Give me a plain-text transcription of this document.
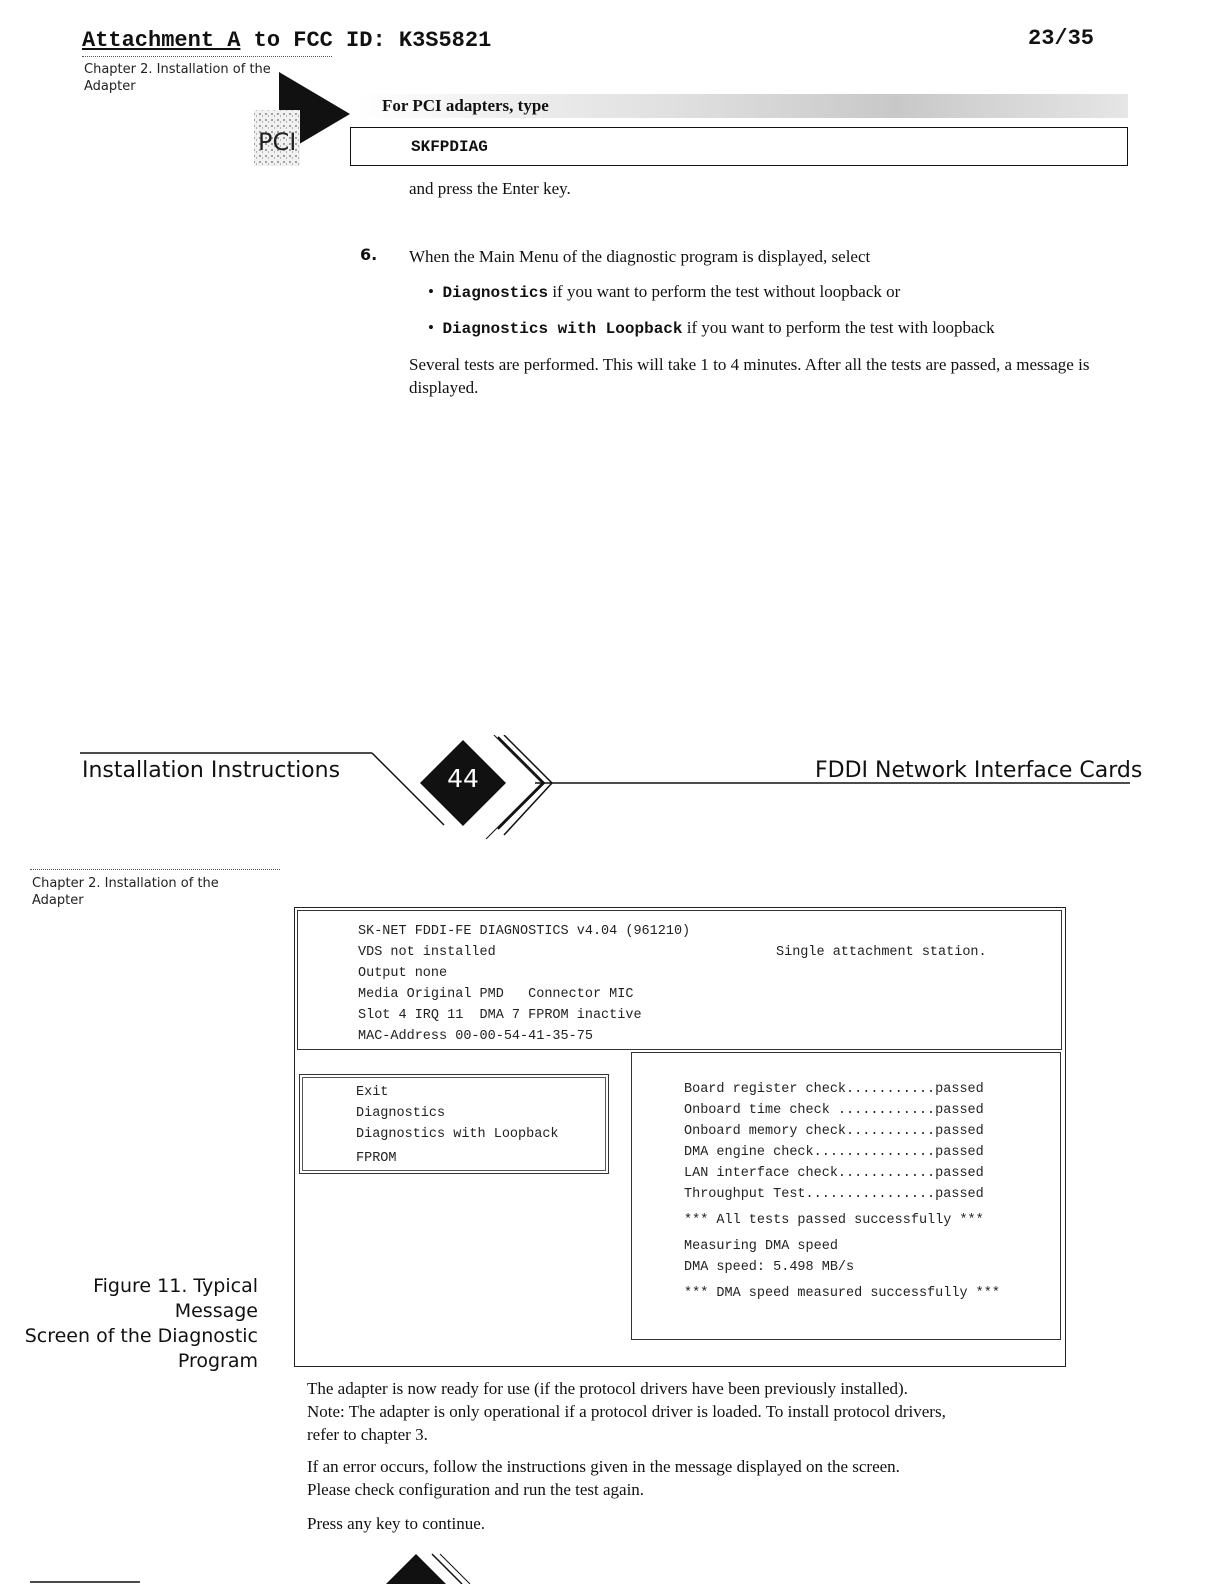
Attachment A to FCC ID: K3S5821	23/35
Chapter 2. Installation of the
Adapter
PCI
For PCI adapters, type
SKFPDIAG
and press the Enter key.
6. When the Main Menu of the diagnostic program is displayed, select
•  Diagnostics if you want to perform the test without loopback or
•  Diagnostics with Loopback if you want to perform the test with loopback
Several tests are performed. This will take 1 to 4 minutes. After all the tests are passed, a message is displayed.
Installation Instructions	44	FDDI Network Interface Cards
Chapter 2. Installation of the
Adapter
SK-NET FDDI-FE DIAGNOSTICS v4.04 (961210)
VDS not installed
Output none
Media Original PMD   Connector MIC
Slot 4 IRQ 11  DMA 7 FPROM inactive
MAC-Address 00-00-54-41-35-75
Single attachment station.
Exit
Diagnostics
Diagnostics with Loopback
FPROM
Board register check...........passed
Onboard time check ............passed
Onboard memory check...........passed
DMA engine check...............passed
LAN interface check............passed
Throughput Test................passed
*** All tests passed successfully ***
Measuring DMA speed
DMA speed: 5.498 MB/s
*** DMA speed measured successfully ***
Figure 11. Typical Message
Screen of the Diagnostic
Program
The adapter is now ready for use (if the protocol drivers have been previously installed).
Note: The adapter is only operational if a protocol driver is loaded. To install protocol drivers,
refer to chapter 3.
If an error occurs, follow the instructions given in the message displayed on the screen.
Please check configuration and run the test again.
Press any key to continue.
